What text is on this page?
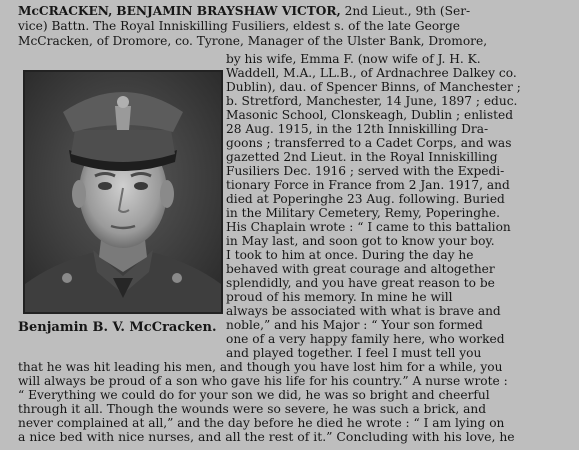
McCRACKEN, BENJAMIN BRAYSHAW VICTOR, 2nd Lieut., 9th (Ser-
vice) Battn. The Royal Inniskilling Fusiliers, eldest s. of the late George
McCracken, of Dromore, co. Tyrone, Manager of the Ulster Bank, Dromore,
by his wife, Emma F. (now wife of J. H. K.
Waddell, M.A., LL.B., of Ardnachree Dalkey co.
Dublin), dau. of Spencer Binns, of Manchester ;
b. Stretford, Manchester, 14 June, 1897 ; educ.
Masonic School, Clonskeagh, Dublin ; enlisted
28 Aug. 1915, in the 12th Inniskilling Dra-
goons ; transferred to a Cadet Corps, and was
gazetted 2nd Lieut. in the Royal Inniskilling
Fusiliers Dec. 1916 ; served with the Expedi-
tionary Force in France from 2 Jan. 1917, and
died at Poperinghe 23 Aug. following. Buried
in the Military Cemetery, Remy, Poperinghe.
His Chaplain wrote : “ I came to this battalion
in May last, and soon got to know your boy.
I took to him at once. During the day he
behaved with great courage and altogether
splendidly, and you have great reason to be
proud of his memory. In mine he will
always be associated with what is brave and
noble,” and his Major : “ Your son formed
one of a very happy family here, who worked
and played together. I feel I must tell you
that he was hit leading his men, and though you have lost him for a while, you
will always be proud of a son who gave his life for his country.” A nurse wrote :
“ Everything we could do for your son we did, he was so bright and cheerful
through it all. Though the wounds were so severe, he was such a brick, and
never complained at all,” and the day before he died he wrote : “ I am lying on
a nice bed with nice nurses, and all the rest of it.” Concluding with his love, he
Benjamin B. V. McCracken.
